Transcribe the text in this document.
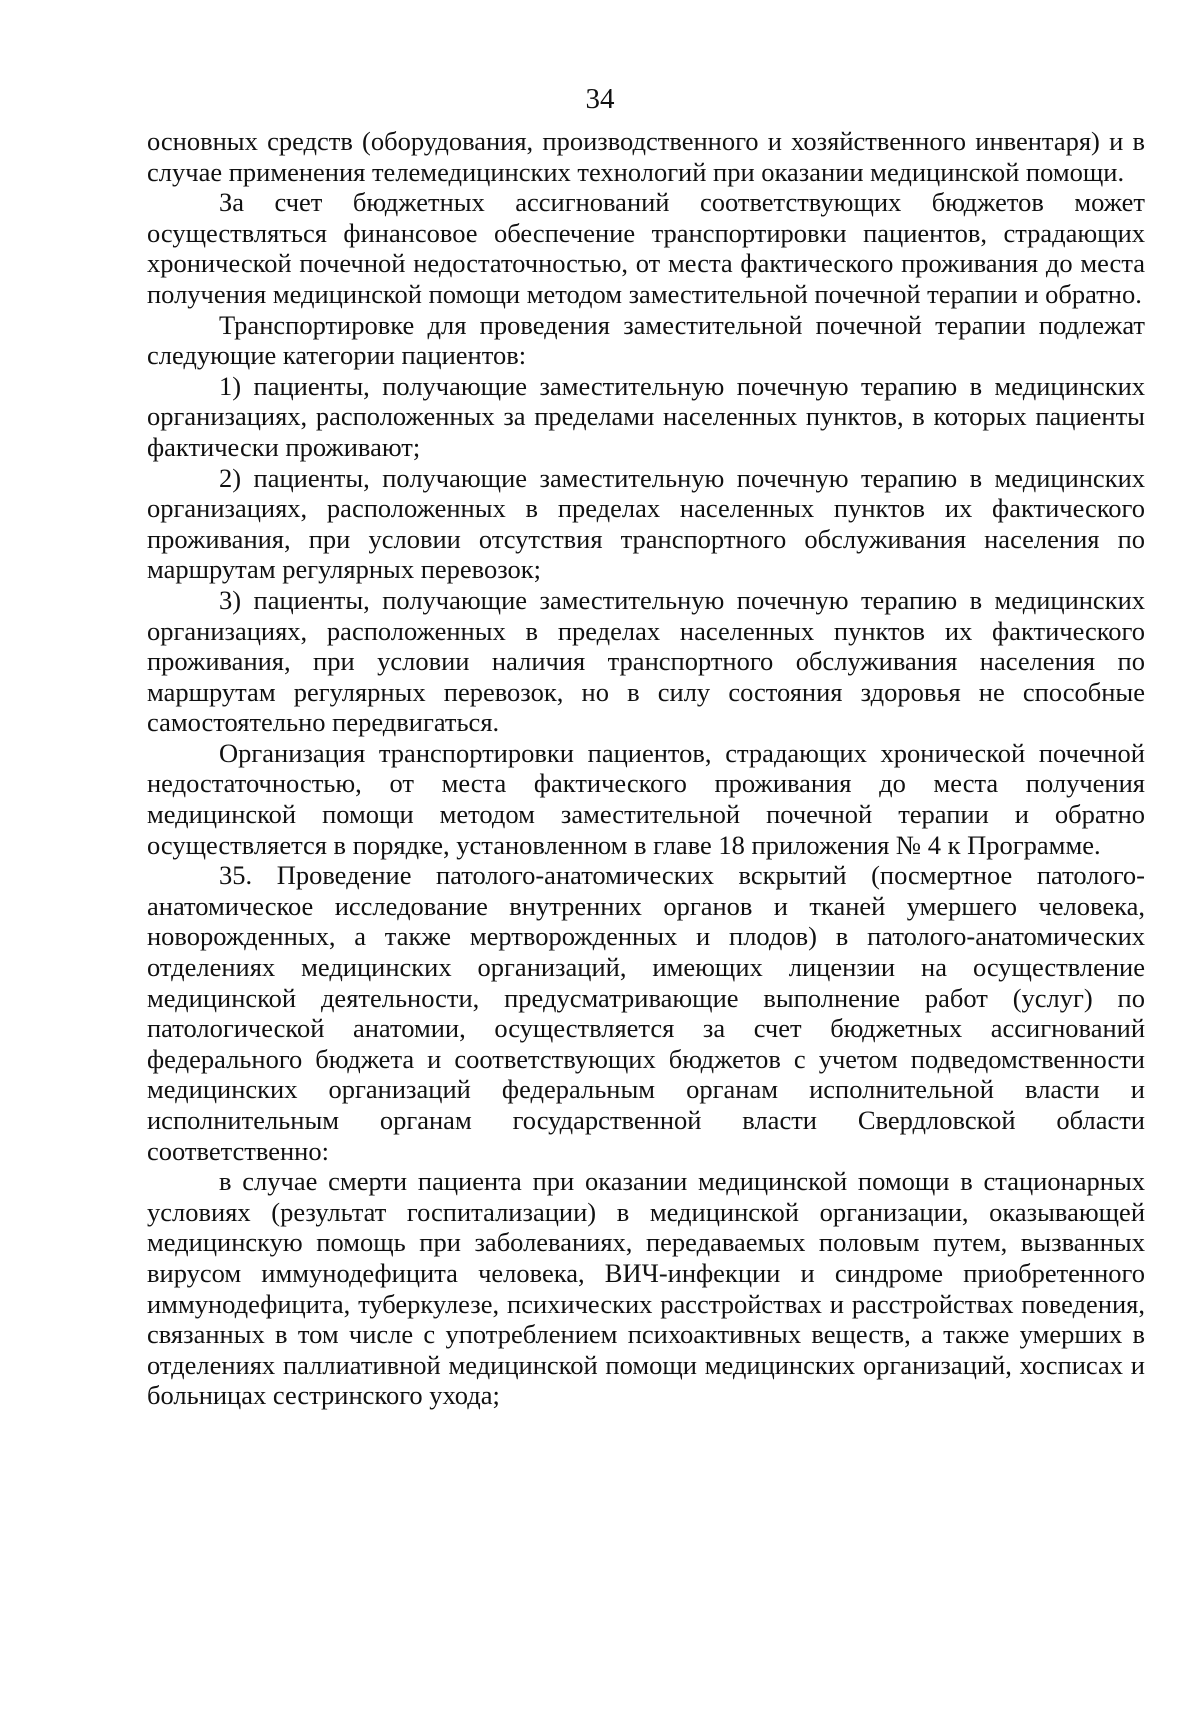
34

основных средств (оборудования, производственного и хозяйственного инвентаря) и в случае применения телемедицинских технологий при оказании медицинской помощи.

За счет бюджетных ассигнований соответствующих бюджетов может осуществляться финансовое обеспечение транспортировки пациентов, страдающих хронической почечной недостаточностью, от места фактического проживания до места получения медицинской помощи методом заместительной почечной терапии и обратно.

Транспортировке для проведения заместительной почечной терапии подлежат следующие категории пациентов:

1) пациенты, получающие заместительную почечную терапию в медицинских организациях, расположенных за пределами населенных пунктов, в которых пациенты фактически проживают;

2) пациенты, получающие заместительную почечную терапию в медицинских организациях, расположенных в пределах населенных пунктов их фактического проживания, при условии отсутствия транспортного обслуживания населения по маршрутам регулярных перевозок;

3) пациенты, получающие заместительную почечную терапию в медицинских организациях, расположенных в пределах населенных пунктов их фактического проживания, при условии наличия транспортного обслуживания населения по маршрутам регулярных перевозок, но в силу состояния здоровья не способные самостоятельно передвигаться.

Организация транспортировки пациентов, страдающих хронической почечной недостаточностью, от места фактического проживания до места получения медицинской помощи методом заместительной почечной терапии и обратно осуществляется в порядке, установленном в главе 18 приложения № 4 к Программе.

35. Проведение патолого-анатомических вскрытий (посмертное патолого-анатомическое исследование внутренних органов и тканей умершего человека, новорожденных, а также мертворожденных и плодов) в патолого-анатомических отделениях медицинских организаций, имеющих лицензии на осуществление медицинской деятельности, предусматривающие выполнение работ (услуг) по патологической анатомии, осуществляется за счет бюджетных ассигнований федерального бюджета и соответствующих бюджетов с учетом подведомственности медицинских организаций федеральным органам исполнительной власти и исполнительным органам государственной власти Свердловской области соответственно:

в случае смерти пациента при оказании медицинской помощи в стационарных условиях (результат госпитализации) в медицинской организации, оказывающей медицинскую помощь при заболеваниях, передаваемых половым путем, вызванных вирусом иммунодефицита человека, ВИЧ-инфекции и синдроме приобретенного иммунодефицита, туберкулезе, психических расстройствах и расстройствах поведения, связанных в том числе с употреблением психоактивных веществ, а также умерших в отделениях паллиативной медицинской помощи медицинских организаций, хосписах и больницах сестринского ухода;
